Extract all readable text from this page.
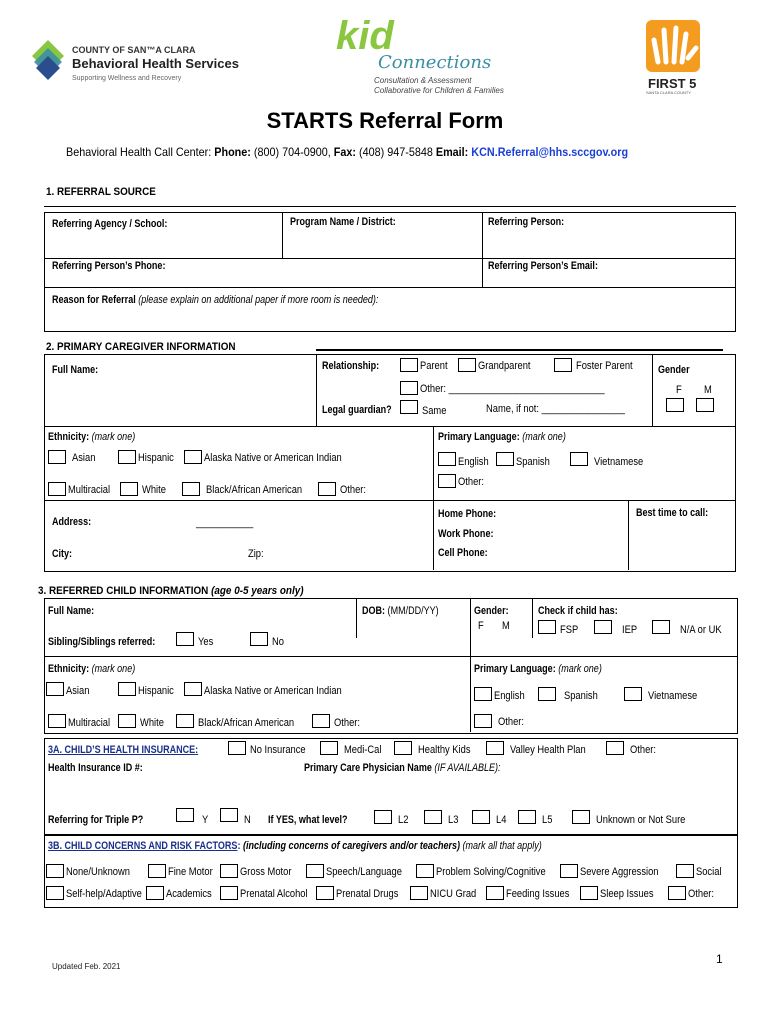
COUNTY OF SAN™A CLARA
Behavioral Health Services
Supporting Wellness and Recovery
kid
Connections
Consultation & Assessment
Collaborative for Children & Families	FIRST 5
SANTA CLARA COUNTY
STARTS Referral Form
Behavioral Health Call Center: Phone: (800) 704-0900, Fax: (408) 947-5848 Email: KCN.Referral@hhs.sccgov.org
1. REFERRAL SOURCE
Referring Agency / School:	Program Name / District:	Referring Person:
Referring Person’s Phone:	Referring Person’s Email:
Reason for Referral (please explain on additional paper if more room is needed):
2. PRIMARY CAREGIVER INFORMATION
Full Name:	Relationship:	Parent	Grandparent	Foster Parent
Other: ______________________________
Legal guardian?	Same	Name, if not: ________________
Gender
F M
Ethnicity: (mark one)
Asian	Hispanic	Alaska Native or American Indian
Multiracial	White	Black/African American	Other:
Primary Language: (mark one)
English Spanish	Vietnamese
Other:
Address:	___________
City:	Zip:
Home Phone:
Work Phone:
Cell Phone:
Best time to call:
3. REFERRED CHILD INFORMATION (age 0-5 years only)
Full Name:	DOB: (MM/DD/YY)	Gender:
F M
Check if child has:
FSP	IEP	N/A or UK
Sibling/Siblings referred:	Yes	No
Ethnicity: (mark one)
Asian	Hispanic	Alaska Native or American Indian
Multiracial	White	Black/African American	Other:
Primary Language: (mark one)
English	Spanish	Vietnamese
Other:
3A. CHILD’S HEALTH INSURANCE:	No Insurance	Medi-Cal	Healthy Kids	Valley Health Plan	Other:
Health Insurance ID #:	Primary Care Physician Name (IF AVAILABLE):
Referring for Triple P?	Y	N If YES, what level?	L2	L3	L4	L5	Unknown or Not Sure
3B. CHILD CONCERNS AND RISK FACTORS: (including concerns of caregivers and/or teachers) (mark all that apply)
None/Unknown	Fine Motor Gross Motor	Speech/Language	Problem Solving/Cognitive	Severe Aggression	Social
Self-help/Adaptive Academics	Prenatal Alcohol	Prenatal Drugs	NICU Grad	Feeding Issues	Sleep Issues	Other:
Updated Feb. 2021
1
